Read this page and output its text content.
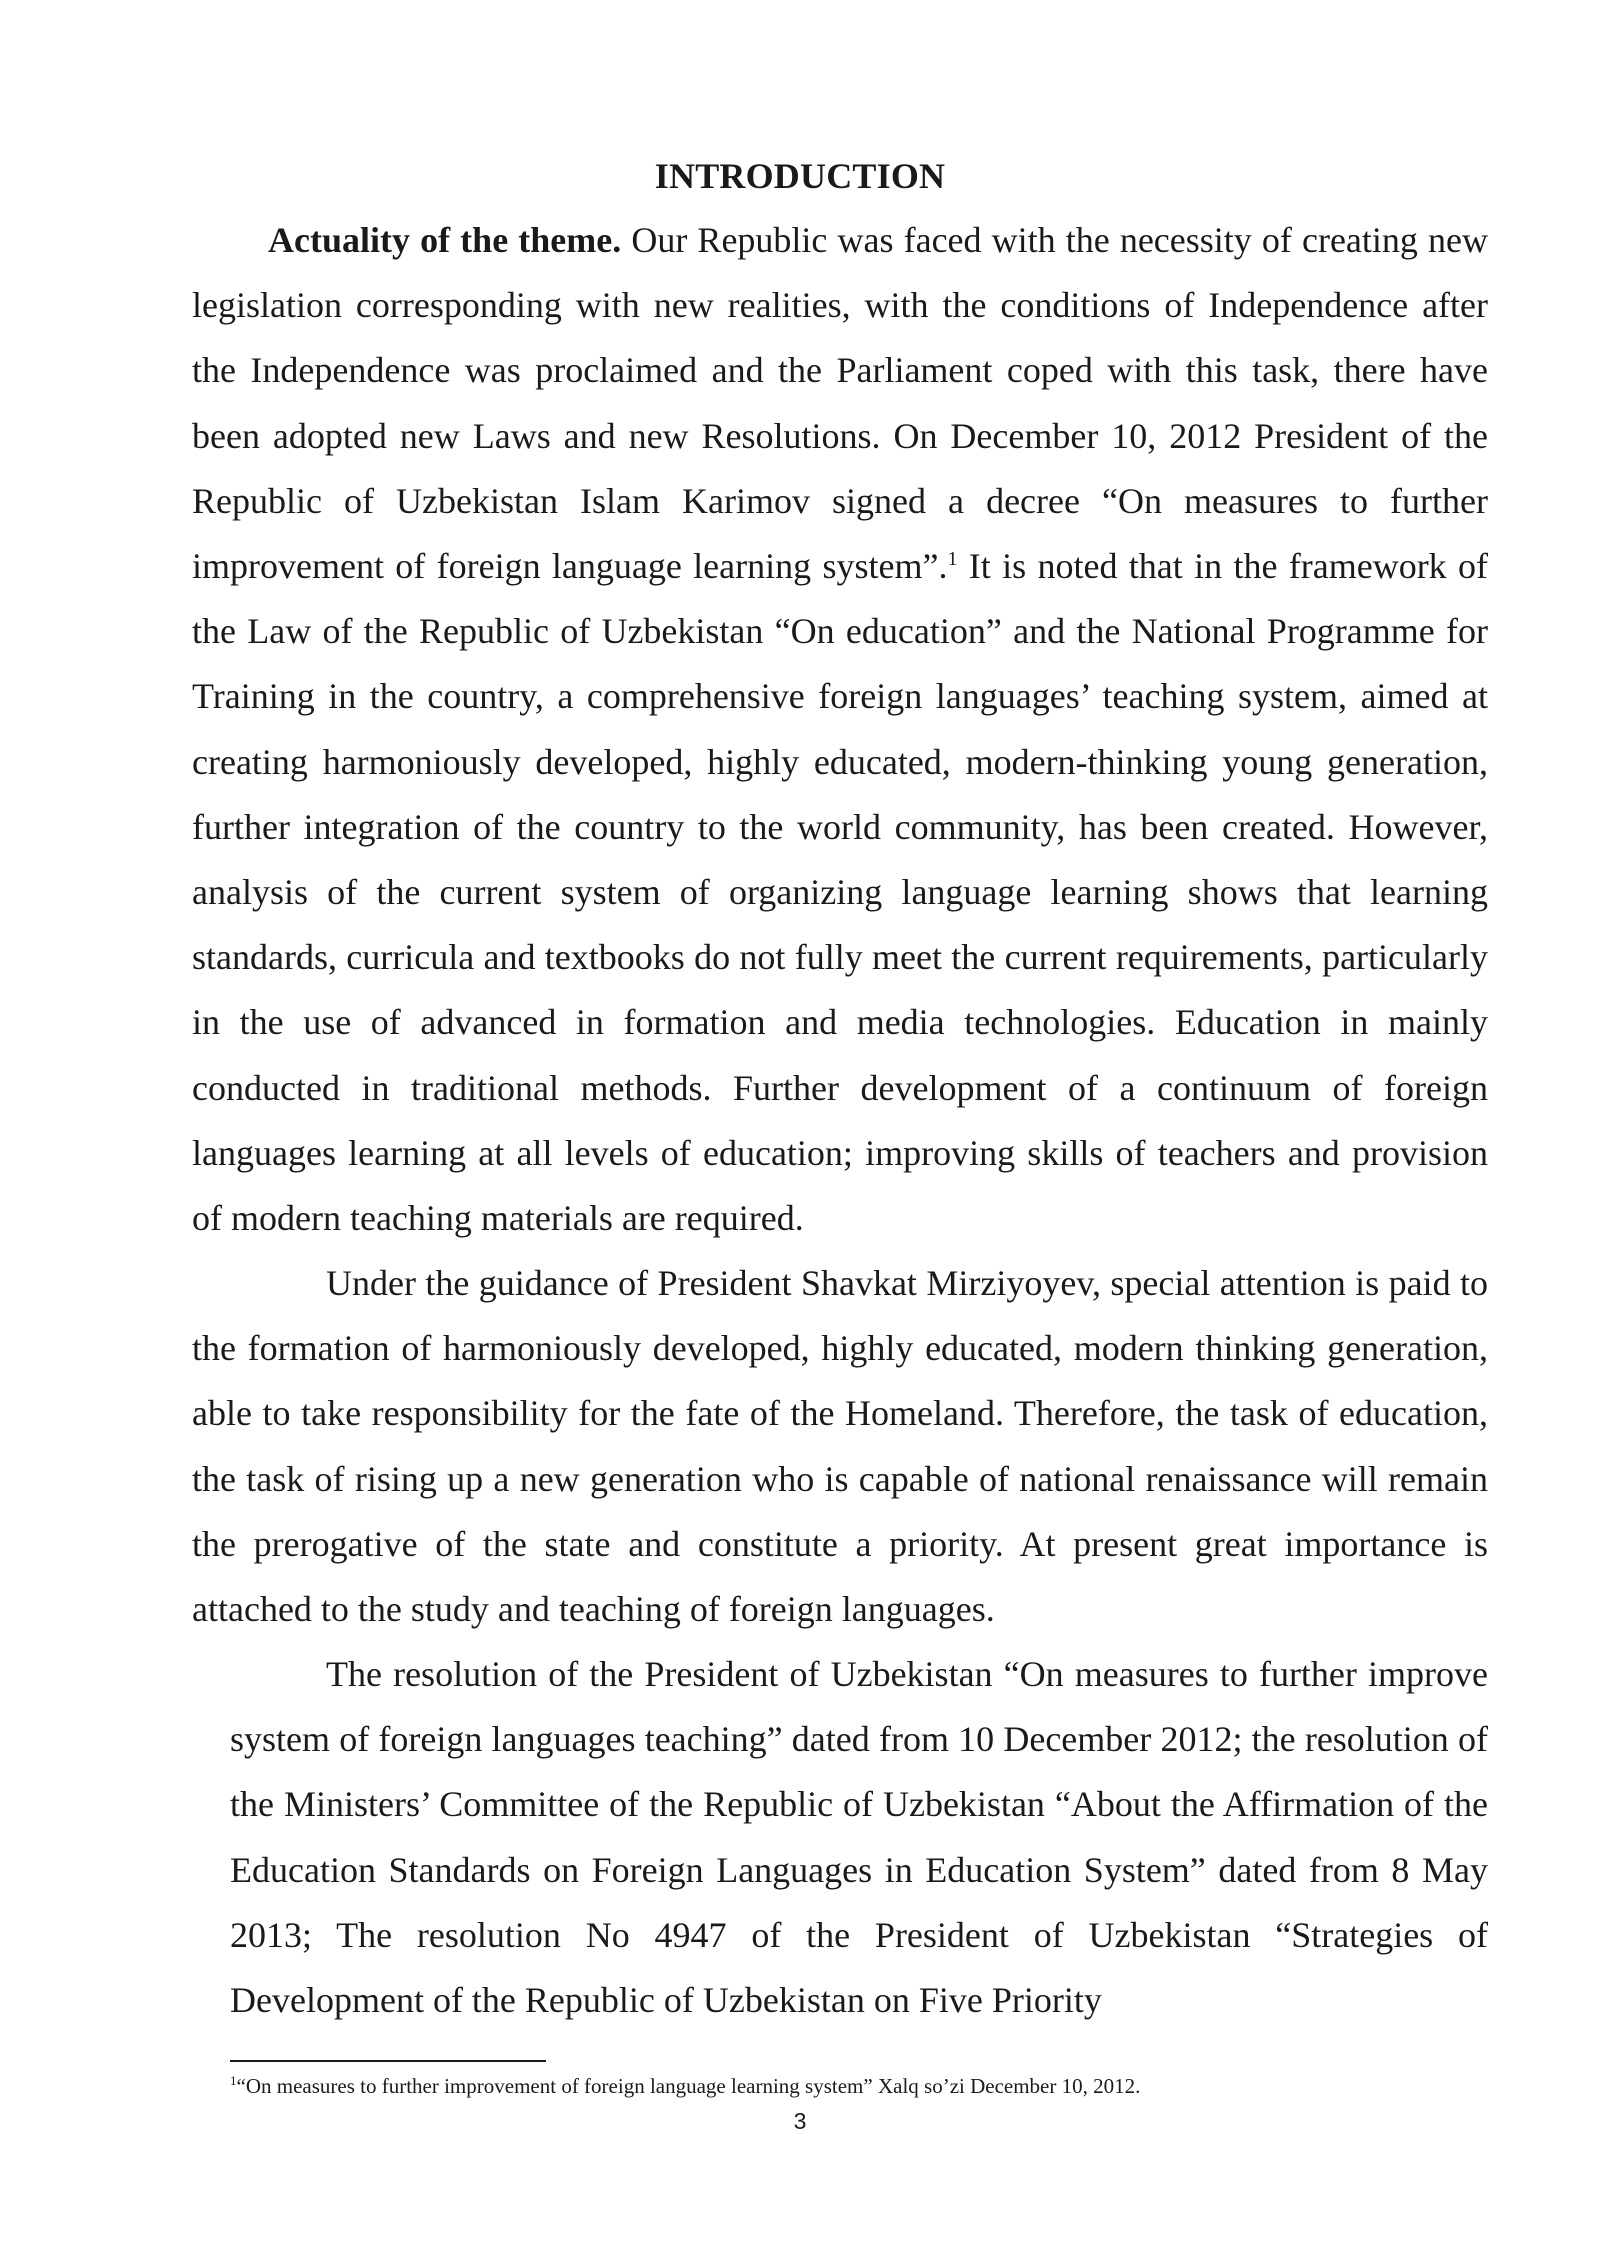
INTRODUCTION

Actuality of the theme. Our Republic was faced with the necessity of creating new legislation corresponding with new realities, with the conditions of Independence after the Independence was proclaimed and the Parliament coped with this task, there have been adopted new Laws and new Resolutions. On December 10, 2012 President of the Republic of Uzbekistan Islam Karimov signed a decree “On measures to further improvement of foreign language learning system”.$^1$ It is noted that in the framework of the Law of the Republic of Uzbekistan “On education” and the National Programme for Training in the country, a comprehensive foreign languages’ teaching system, aimed at creating harmoniously developed, highly educated, modern-thinking young generation, further integration of the country to the world community, has been created. However, analysis of the current system of organizing language learning shows that learning standards, curricula and textbooks do not fully meet the current requirements, particularly in the use of advanced in formation and media technologies. Education in mainly conducted in traditional methods. Further development of a continuum of foreign languages learning at all levels of education; improving skills of teachers and provision of modern teaching materials are required.

Under the guidance of President Shavkat Mirziyoyev, special attention is paid to the formation of harmoniously developed, highly educated, modern thinking generation, able to take responsibility for the fate of the Homeland. Therefore, the task of education, the task of rising up a new generation who is capable of national renaissance will remain the prerogative of the state and constitute a priority. At present great importance is attached to the study and teaching of foreign languages.

The resolution of the President of Uzbekistan “On measures to further improve system of foreign languages teaching” dated from 10 December 2012; the resolution of the Ministers’ Committee of the Republic of Uzbekistan “About the Affirmation of the Education Standards on Foreign Languages in Education System” dated from 8 May 2013; The resolution No 4947 of the President of Uzbekistan “Strategies of Development of the Republic of Uzbekistan on Five Priority

$^1$“On measures to further improvement of foreign language learning system” Xalq so’zi December 10, 2012.
3
